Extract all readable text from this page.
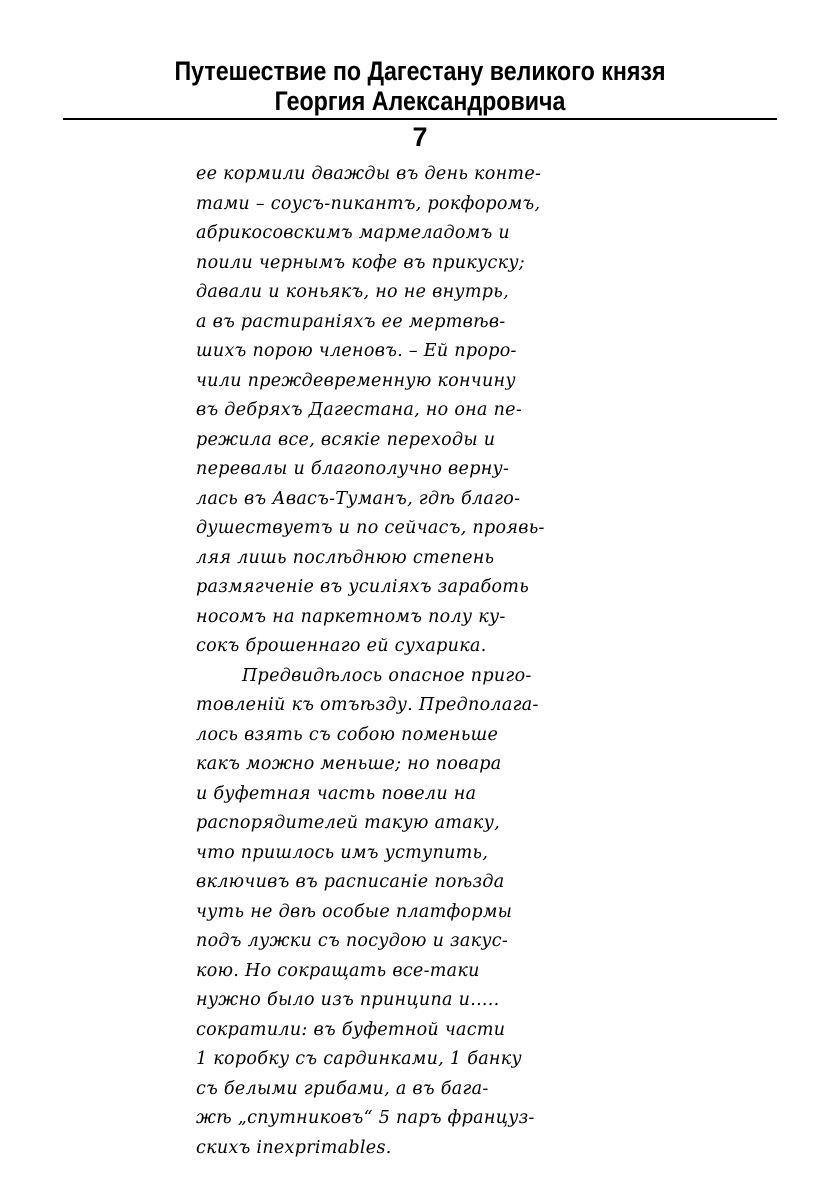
Путешествие по Дагестану великого князя
Георгия Александровича
7
ее кормили дважды въ день конте-
тами – соусъ-пикантъ, рокфоромъ,
абрикосовскимъ мармеладомъ и
поили чернымъ кофе въ прикуску;
давали и коньякъ, но не внутрь,
а въ растиранiяхъ ее мертвѣв-
шихъ порою членовъ. – Ей проро-
чили преждевременную кончину
въ дебряхъ Дагестана, но она пе-
режила все, всякiе переходы и
перевалы и благополучно верну-
лась въ Авасъ-Туманъ, гдѣ благо-
душествуетъ и по сейчасъ, проявь-
ляя лишь послѣднюю степень
размягченiе въ усилiяхъ заработь
носомъ на паркетномъ полу ку-
сокъ брошеннаго ей сухарика.
Предвидѣлось опасное приго-
товленiй къ отъѣзду. Предполага-
лось взять съ собою поменьше
какъ можно меньше; но повара
и буфетная часть повели на
распорядителей такую атаку,
что пришлось имъ уступить,
включивъ въ расписанiе поѣзда
чуть не двѣ особые платформы
подъ лужки съ посудою и закус-
кою. Но сокращать все-таки
нужно было изъ принципа и.....
сократили: въ буфетной части
1 коробку съ сардинками, 1 банку
съ белыми грибами, а въ бага-
жѣ „спутниковъ“ 5 паръ француз-
скихъ inexprimables.
